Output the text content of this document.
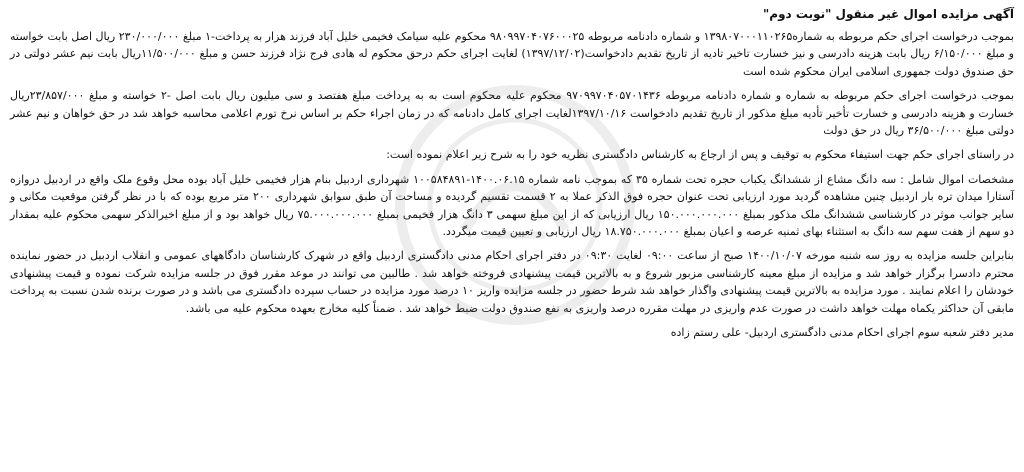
آگهی مزایده اموال غیر منقول "نوبت دوم"

بموجب درخواست اجرای حکم مربوطه به شماره۱۳۹۸۰۷۰۰۰۱۱۰۲۶۵ و شماره دادنامه مربوطه ۹۸۰۹۹۷۰۴۰۷۶۰۰۰۲۵ محکوم علیه سیامک فخیمی خلیل آباد فرزند هزار به پرداخت-۱ مبلغ ۲۳۰/۰۰۰/۰۰۰ ریال اصل بابت خواسته و مبلغ ۶/۱۵۰/۰۰۰ ریال بابت هزینه دادرسی و نیز خسارت تاخیر تادیه از تاریخ تقدیم دادخواست(۱۳۹۷/۱۲/۰۲) لغایت اجرای حکم درحق محکوم له هادی فرج نژاد فرزند حسن و مبلغ ۱۱/۵۰۰/۰۰۰ریال بابت نیم عشر دولتی در حق صندوق دولت جمهوری اسلامی ایران محکوم شده است

بموجب درخواست اجرای حکم مربوطه به شماره و شماره دادنامه مربوطه ۹۷۰۹۹۷۰۴۰۵۷۰۱۴۳۶ محکوم علیه محکوم است به به پرداخت مبلغ هفتصد و سی میلیون ریال بابت اصل -۲ خواسته و مبلغ ۲۳/۸۵۷/۰۰۰ریال خسارت و هزینه دادرسی و خسارت تأخیر تأدیه مبلغ مذکور از تاریخ تقدیم دادخواست ۱۳۹۷/۱۰/۱۶لغایت اجرای کامل دادنامه که در زمان اجراء حکم بر اساس نرخ تورم اعلامی محاسبه خواهد شد در حق خواهان و نیم عشر دولتی مبلغ ۳۶/۵۰۰/۰۰۰ ریال در حق دولت

در راستای اجرای حکم جهت استیفاء محکوم به توقیف و پس از ارجاع به کارشناس دادگستری نظریه خود را به شرح زیر اعلام نموده است:

مشخصات اموال شامل : سه دانگ مشاع از ششدانگ یکباب حجره تحت شماره ۳۵ که بموجب نامه شماره ۱۴۰۰.۰۶.۱۵-۱۰۰۵۸۴۸۹۱ شهرداری اردبیل بنام هزار فخیمی خلیل آباد بوده محل وقوع ملک واقع در اردبیل دروازه آستارا میدان تره بار اردبیل چنین مشاهده گردید مورد ارزیابی تحت عنوان حجره فوق الذکر عملا به ۲ قسمت تقسیم گردیده و مساحت آن طبق سوابق شهرداری ۲۰۰ متر مربع بوده که با در نظر گرفتن موقعیت مکانی و سایر جوانب موثر در کارشناسی ششدانگ ملک مذکور بمبلغ ۱۵۰.۰۰۰.۰۰۰.۰۰۰ ریال ارزیابی که از این مبلغ سهمی ۳ دانگ هزار فخیمی بمبلغ ۷۵.۰۰۰.۰۰۰.۰۰۰ ریال خواهد بود و از مبلغ اخیرالذکر سهمی محکوم علیه بمقدار دو سهم از هفت سهم سه دانگ به استثناء بهای ثمنیه عرصه و اعیان بمبلغ ۱۸.۷۵۰.۰۰۰.۰۰۰ ریال ارزیابی و تعیین قیمت میگردد.

بنابراین جلسه مزایده به روز سه شنبه مورخه ۱۴۰۰/۱۰/۰۷ صبح از ساعت ۰۹:۰۰ لغایت ۰۹:۳۰ در دفتر اجرای احکام مدنی دادگستری اردبیل واقع در شهرک کارشناسان دادگاههای عمومی و انقلاب اردبیل در حضور نماینده محترم دادسرا برگزار خواهد شد و مزایده از مبلغ معینه کارشناسی مزبور شروع و به بالاترین قیمت پیشنهادی فروخته خواهد شد . طالبین می توانند در موعد مقرر فوق در جلسه مزایده شرکت نموده و قیمت پیشنهادی خودشان را اعلام نمایند . مورد مزایده به بالاترین قیمت پیشنهادی واگذار خواهد شد شرط حضور در جلسه مزایده واریز ۱۰ درصد مورد مزایده در حساب سپرده دادگستری می باشد و در صورت برنده شدن نسبت به پرداخت مابقی آن حداکثر یکماه مهلت خواهد داشت در صورت عدم واریزی در مهلت مقرره درصد واریزی به نفع صندوق دولت ضبط خواهد شد . ضمناً کلیه مخارج بعهده محکوم علیه می باشد.

مدیر دفتر شعبه سوم اجرای احکام مدنی دادگستری اردبیل- علی رستم زاده
